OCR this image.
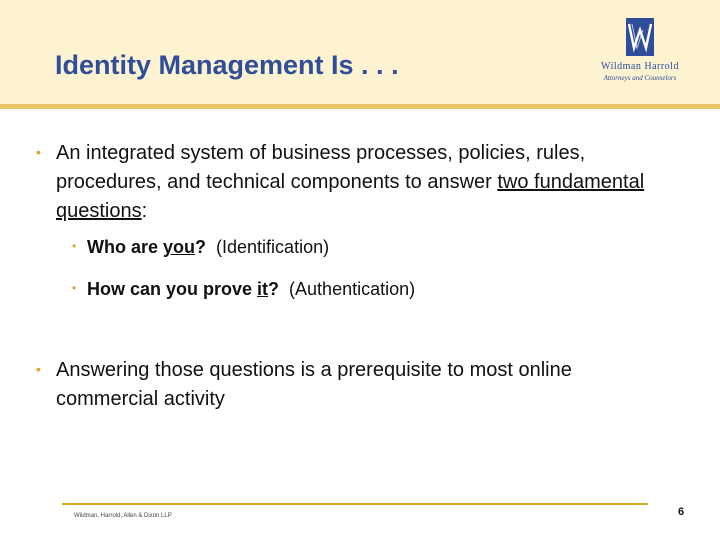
Identity Management Is . . .	Wildman Harrold
Attorneys and Counselors
• An integrated system of business processes, policies, rules, procedures, and technical components to answer two fundamental questions:
• Who are you?  (Identification)
• How can you prove it?  (Authentication)
• Answering those questions is a prerequisite to most online commercial activity
Wildman, Harrold, Allen & Dixon LLP	6
